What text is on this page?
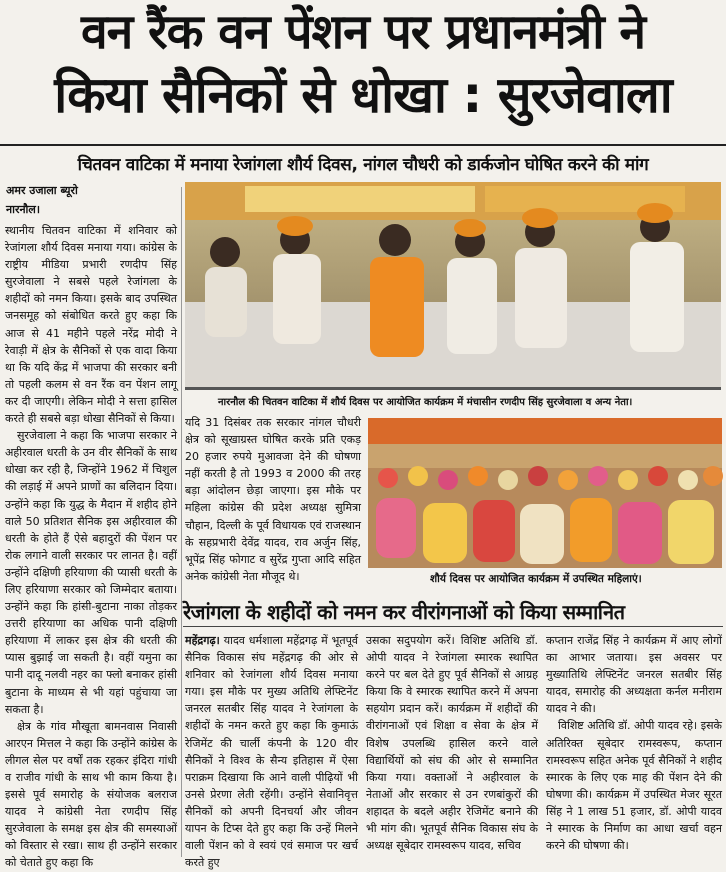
वन रैंक वन पेंशन पर प्रधानमंत्री ने
किया सैनिकों से धोखा : सुरजेवाला
चितवन वाटिका में मनाया रेजांगला शौर्य दिवस, नांगल चौधरी को डार्कजोन घोषित करने की मांग
अमर उजाला ब्यूरो
नारनौल।

स्थानीय चितवन वाटिका में शनिवार को रेजांगला शौर्य दिवस मनाया गया। कांग्रेस के राष्ट्रीय मीडिया प्रभारी रणदीप सिंह सुरजेवाला ने सबसे पहले रेजांगला के शहीदों को नमन किया। इसके बाद उपस्थित जनसमूह को संबोधित करते हुए कहा कि आज से 41 महीने पहले नरेंद्र मोदी ने रेवाड़ी में क्षेत्र के सैनिकों से एक वादा किया था कि यदि केंद्र में भाजपा की सरकार बनी तो पहली कलम से वन रैंक वन पेंशन लागू कर दी जाएगी। लेकिन मोदी ने सत्ता हासिल करते ही सबसे बड़ा धोखा सैनिकों से किया।

सुरजेवाला ने कहा कि भाजपा सरकार ने अहीरवाल धरती के उन वीर सैनिकों के साथ धोखा कर रही है, जिन्होंने 1962 में चिशुल की लड़ाई में अपने प्राणों का बलिदान दिया। उन्होंने कहा कि युद्ध के मैदान में शहीद होने वाले 50 प्रतिशत सैनिक इस अहीरवाल की धरती के होते हैं ऐसे बहादुरों की पेंशन पर रोक लगाने वाली सरकार पर लानत है। वहीं उन्होंने दक्षिणी हरियाणा की प्यासी धरती के लिए हरियाणा सरकार को जिम्मेदार बताया। उन्होंने कहा कि हांसी-बुटाना नाका तोड़कर उत्तरी हरियाणा का अधिक पानी दक्षिणी हरियाणा में लाकर इस क्षेत्र की धरती की प्यास बुझाई जा सकती है। वहीं यमुना का पानी दादू नलवी नहर का फ्लो बनाकर हांसी बुटाना के माध्यम से भी यहां पहुंचाया जा सकता है।

क्षेत्र के गांव मौखूता बामनवास निवासी आरएन मित्तल ने कहा कि उन्होंने कांग्रेस के लीगल सेल पर वर्षों तक रहकर इंदिरा गांधी व राजीव गांधी के साथ भी काम किया है। इससे पूर्व समारोह के संयोजक बलराज यादव ने कांग्रेसी नेता रणदीप सिंह सुरजेवाला के समक्ष इस क्षेत्र की समस्याओं को विस्तार से रखा। साथ ही उन्होंने सरकार को चेताते हुए कहा कि

नारनौल की चितवन वाटिका में शौर्य दिवस पर आयोजित कार्यक्रम में मंचासीन रणदीप सिंह सुरजेवाला व अन्य नेता।

यदि 31 दिसंबर तक सरकार नांगल चौधरी क्षेत्र को सूखाग्रस्त घोषित करके प्रति एकड़ 20 हजार रुपये मुआवजा देने की घोषणा नहीं करती है तो 1993 व 2000 की तरह बड़ा आंदोलन छेड़ा जाएगा। इस मौके पर महिला कांग्रेस की प्रदेश अध्यक्ष सुमित्रा चौहान, दिल्ली के पूर्व विधायक एवं राजस्थान के सहप्रभारी देवेंद्र यादव, राव अर्जुन सिंह, भूपेंद्र सिंह फोगाट व सुरेंद्र गुप्ता आदि सहित अनेक कांग्रेसी नेता मौजूद थे।	शौर्य दिवस पर आयोजित कार्यक्रम में उपस्थित महिलाएं।
रेजांगला के शहीदों को नमन कर वीरांगनाओं को किया सम्मानित

महेंद्रगढ़। यादव धर्मशाला महेंद्रगढ़ में भूतपूर्व सैनिक विकास संघ महेंद्रगढ़ की ओर से शनिवार को रेजांगला शौर्य दिवस मनाया गया। इस मौके पर मुख्य अतिथि लेफ्टिनेंट जनरल सतबीर सिंह यादव ने रेजांगला के शहीदों के नमन करते हुए कहा कि कुमाऊं रेजिमेंट की चार्ली कंपनी के 120 वीर सैनिकों ने विश्व के सैन्य इतिहास में ऐसा पराक्रम दिखाया कि आने वाली पीढ़ियों भी उनसे प्रेरणा लेती रहेंगी। उन्होंने सेवानिवृत्त सैनिकों को अपनी दिनचर्या और जीवन यापन के टिप्स देते हुए कहा कि उन्हें मिलने वाली पेंशन को वे स्वयं एवं समाज पर खर्च करते हुए

उसका सदुपयोग करें। विशिष्ट अतिथि डॉ. ओपी यादव ने रेजांगला स्मारक स्थापित करने पर बल देते हुए पूर्व सैनिकों से आग्रह किया कि वे स्मारक स्थापित करने में अपना सहयोग प्रदान करें। कार्यक्रम में शहीदों की वीरांगनाओं एवं शिक्षा व सेवा के क्षेत्र में विशेष उपलब्धि हासिल करने वाले विद्यार्थियों को संघ की ओर से सम्मानित किया गया। वक्ताओं ने अहीरवाल के नेताओं और सरकार से उन रणबांकुरों की शहादत के बदले अहीर रेजिमेंट बनाने की भी मांग की। भूतपूर्व सैनिक विकास संघ के अध्यक्ष सूबेदार रामस्वरूप यादव, सचिव

कप्तान राजेंद्र सिंह ने कार्यक्रम में आए लोगों का आभार जताया। इस अवसर पर मुख्यातिथि लेफ्टिनेंट जनरल सतबीर सिंह यादव, समारोह की अध्यक्षता कर्नल मनीराम यादव ने की।

विशिष्ट अतिथि डॉ. ओपी यादव रहे। इसके अतिरिक्त सूबेदार रामस्वरूप, कप्तान रामस्वरूप सहित अनेक पूर्व सैनिकों ने शहीद स्मारक के लिए एक माह की पेंशन देने की घोषणा की। कार्यक्रम में उपस्थित मेजर सूरत सिंह ने 1 लाख 51 हजार, डॉ. ओपी यादव ने स्मारक के निर्माण का आधा खर्चा वहन करने की घोषणा की।
